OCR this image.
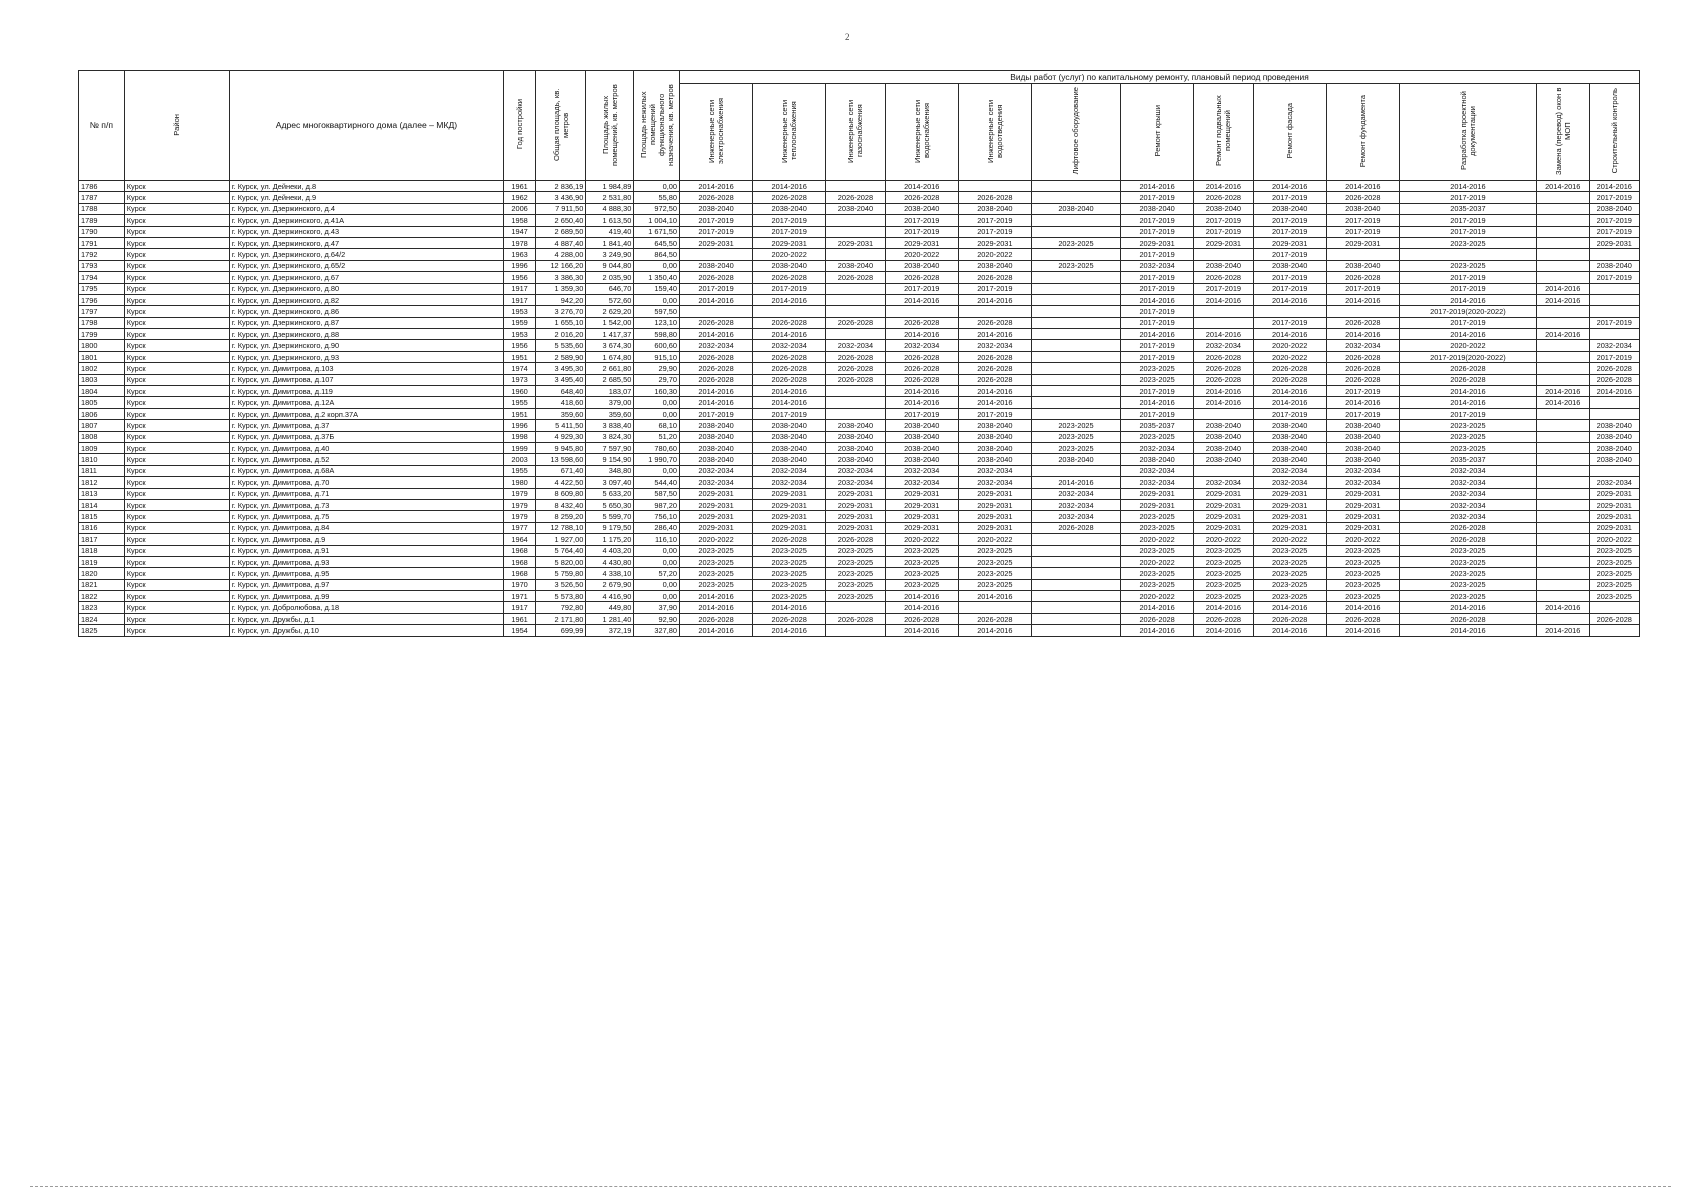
2
№ п/п	Район	Адрес многоквартирного дома (далее – МКД)	Год постройки	Общая площадь, кв. метров	Площадь жилых помещений, кв. метров	Площадь нежилых помещений функционального назначения, кв. метров	Виды работ (услуг) по капитальному ремонту, плановый период проведения												
							Инженерные сети электроснабжения	Инженерные сети теплоснабжения	Инженерные сети газоснабжения	Инженерные сети водоснабжения	Инженерные сети водоотведения	Лифтовое оборудование	Ремонт крыши	Ремонт подвальных помещений	Ремонт фасада	Ремонт фундамента	Разработка проектной документации	Замена (перевод) окон в МОП	Строительный контроль
1786	Курск	г. Курск, ул. Дейнеки, д.8	1961	2 836,19	1 984,89	0,00	2014-2016	2014-2016		2014-2016			2014-2016	2014-2016	2014-2016	2014-2016	2014-2016	2014-2016	2014-2016
1787	Курск	г. Курск, ул. Дейнеки, д.9	1962	3 436,90	2 531,80	55,80	2026-2028	2026-2028	2026-2028	2026-2028	2026-2028		2017-2019	2026-2028	2017-2019	2026-2028	2017-2019		2017-2019
1788	Курск	г. Курск, ул. Дзержинского, д.4	2006	7 911,50	4 888,30	972,50	2038-2040	2038-2040	2038-2040	2038-2040	2038-2040	2038-2040	2038-2040	2038-2040	2038-2040	2038-2040	2035-2037		2038-2040
1789	Курск	г. Курск, ул. Дзержинского, д.41А	1958	2 650,40	1 613,50	1 004,10	2017-2019	2017-2019		2017-2019	2017-2019		2017-2019	2017-2019	2017-2019	2017-2019	2017-2019		2017-2019
1790	Курск	г. Курск, ул. Дзержинского, д.43	1947	2 689,50	419,40	1 671,50	2017-2019	2017-2019		2017-2019	2017-2019		2017-2019	2017-2019	2017-2019	2017-2019	2017-2019		2017-2019
1791	Курск	г. Курск, ул. Дзержинского, д.47	1978	4 887,40	1 841,40	645,50	2029-2031	2029-2031	2029-2031	2029-2031	2029-2031	2023-2025	2029-2031	2029-2031	2029-2031	2029-2031	2023-2025		2029-2031
1792	Курск	г. Курск, ул. Дзержинского, д.64/2	1963	4 288,00	3 249,90	864,50		2020-2022		2020-2022	2020-2022		2017-2019		2017-2019				
1793	Курск	г. Курск, ул. Дзержинского, д.65/2	1996	12 166,20	9 044,80	0,00	2038-2040	2038-2040	2038-2040	2038-2040	2038-2040	2023-2025	2032-2034	2038-2040	2038-2040	2038-2040	2023-2025		2038-2040
1794	Курск	г. Курск, ул. Дзержинского, д.67	1956	3 386,30	2 035,90	1 350,40	2026-2028	2026-2028	2026-2028	2026-2028	2026-2028		2017-2019	2026-2028	2017-2019	2026-2028	2017-2019		2017-2019
1795	Курск	г. Курск, ул. Дзержинского, д.80	1917	1 359,30	646,70	159,40	2017-2019	2017-2019		2017-2019	2017-2019		2017-2019	2017-2019	2017-2019	2017-2019	2017-2019	2014-2016	
1796	Курск	г. Курск, ул. Дзержинского, д.82	1917	942,20	572,60	0,00	2014-2016	2014-2016		2014-2016	2014-2016		2014-2016	2014-2016	2014-2016	2014-2016	2014-2016	2014-2016	
1797	Курск	г. Курск, ул. Дзержинского, д.86	1953	3 276,70	2 629,20	597,50							2017-2019				2017-2019(2020-2022)		
1798	Курск	г. Курск, ул. Дзержинского, д.87	1959	1 655,10	1 542,00	123,10	2026-2028	2026-2028	2026-2028	2026-2028	2026-2028		2017-2019		2017-2019	2026-2028	2017-2019		2017-2019
1799	Курск	г. Курск, ул. Дзержинского, д.88	1953	2 016,20	1 417,37	598,80	2014-2016	2014-2016		2014-2016	2014-2016		2014-2016	2014-2016	2014-2016	2014-2016	2014-2016	2014-2016	
1800	Курск	г. Курск, ул. Дзержинского, д.90	1956	5 535,60	3 674,30	600,60	2032-2034	2032-2034	2032-2034	2032-2034	2032-2034		2017-2019	2032-2034	2020-2022	2032-2034	2020-2022		2032-2034
1801	Курск	г. Курск, ул. Дзержинского, д.93	1951	2 589,90	1 674,80	915,10	2026-2028	2026-2028	2026-2028	2026-2028	2026-2028		2017-2019	2026-2028	2020-2022	2026-2028	2017-2019(2020-2022)		2017-2019
1802	Курск	г. Курск, ул. Димитрова, д.103	1974	3 495,30	2 661,80	29,90	2026-2028	2026-2028	2026-2028	2026-2028	2026-2028		2023-2025	2026-2028	2026-2028	2026-2028	2026-2028		2026-2028
1803	Курск	г. Курск, ул. Димитрова, д.107	1973	3 495,40	2 685,50	29,70	2026-2028	2026-2028	2026-2028	2026-2028	2026-2028		2023-2025	2026-2028	2026-2028	2026-2028	2026-2028		2026-2028
1804	Курск	г. Курск, ул. Димитрова, д.119	1960	648,40	183,07	160,30	2014-2016	2014-2016		2014-2016	2014-2016		2017-2019	2014-2016	2014-2016	2017-2019	2014-2016	2014-2016	2014-2016
1805	Курск	г. Курск, ул. Димитрова, д.12А	1955	418,60	379,00	0,00	2014-2016	2014-2016		2014-2016	2014-2016		2014-2016	2014-2016	2014-2016	2014-2016	2014-2016	2014-2016	
1806	Курск	г. Курск, ул. Димитрова, д.2 корп.37А	1951	359,60	359,60	0,00	2017-2019	2017-2019		2017-2019	2017-2019		2017-2019		2017-2019	2017-2019	2017-2019		
1807	Курск	г. Курск, ул. Димитрова, д.37	1996	5 411,50	3 838,40	68,10	2038-2040	2038-2040	2038-2040	2038-2040	2038-2040	2023-2025	2035-2037	2038-2040	2038-2040	2038-2040	2023-2025		2038-2040
1808	Курск	г. Курск, ул. Димитрова, д.37Б	1998	4 929,30	3 824,30	51,20	2038-2040	2038-2040	2038-2040	2038-2040	2038-2040	2023-2025	2023-2025	2038-2040	2038-2040	2038-2040	2023-2025		2038-2040
1809	Курск	г. Курск, ул. Димитрова, д.40	1999	9 945,80	7 597,90	780,60	2038-2040	2038-2040	2038-2040	2038-2040	2038-2040	2023-2025	2032-2034	2038-2040	2038-2040	2038-2040	2023-2025		2038-2040
1810	Курск	г. Курск, ул. Димитрова, д.52	2003	13 598,60	9 154,90	1 990,70	2038-2040	2038-2040	2038-2040	2038-2040	2038-2040	2038-2040	2038-2040	2038-2040	2038-2040	2038-2040	2035-2037		2038-2040
1811	Курск	г. Курск, ул. Димитрова, д.68А	1955	671,40	348,80	0,00	2032-2034	2032-2034	2032-2034	2032-2034	2032-2034		2032-2034		2032-2034	2032-2034	2032-2034		
1812	Курск	г. Курск, ул. Димитрова, д.70	1980	4 422,50	3 097,40	544,40	2032-2034	2032-2034	2032-2034	2032-2034	2032-2034	2014-2016	2032-2034	2032-2034	2032-2034	2032-2034	2032-2034		2032-2034
1813	Курск	г. Курск, ул. Димитрова, д.71	1979	8 609,80	5 633,20	587,50	2029-2031	2029-2031	2029-2031	2029-2031	2029-2031	2032-2034	2029-2031	2029-2031	2029-2031	2029-2031	2032-2034		2029-2031
1814	Курск	г. Курск, ул. Димитрова, д.73	1979	8 432,40	5 650,30	987,20	2029-2031	2029-2031	2029-2031	2029-2031	2029-2031	2032-2034	2029-2031	2029-2031	2029-2031	2029-2031	2032-2034		2029-2031
1815	Курск	г. Курск, ул. Димитрова, д.75	1979	8 259,20	5 599,70	756,10	2029-2031	2029-2031	2029-2031	2029-2031	2029-2031	2032-2034	2023-2025	2029-2031	2029-2031	2029-2031	2032-2034		2029-2031
1816	Курск	г. Курск, ул. Димитрова, д.84	1977	12 788,10	9 179,50	286,40	2029-2031	2029-2031	2029-2031	2029-2031	2029-2031	2026-2028	2023-2025	2029-2031	2029-2031	2029-2031	2026-2028		2029-2031
1817	Курск	г. Курск, ул. Димитрова, д.9	1964	1 927,00	1 175,20	116,10	2020-2022	2026-2028	2026-2028	2020-2022	2020-2022		2020-2022	2020-2022	2020-2022	2020-2022	2026-2028		2020-2022
1818	Курск	г. Курск, ул. Димитрова, д.91	1968	5 764,40	4 403,20	0,00	2023-2025	2023-2025	2023-2025	2023-2025	2023-2025		2023-2025	2023-2025	2023-2025	2023-2025	2023-2025		2023-2025
1819	Курск	г. Курск, ул. Димитрова, д.93	1968	5 820,00	4 430,80	0,00	2023-2025	2023-2025	2023-2025	2023-2025	2023-2025		2020-2022	2023-2025	2023-2025	2023-2025	2023-2025		2023-2025
1820	Курск	г. Курск, ул. Димитрова, д.95	1968	5 759,80	4 338,10	57,20	2023-2025	2023-2025	2023-2025	2023-2025	2023-2025		2023-2025	2023-2025	2023-2025	2023-2025	2023-2025		2023-2025
1821	Курск	г. Курск, ул. Димитрова, д.97	1970	3 526,50	2 679,90	0,00	2023-2025	2023-2025	2023-2025	2023-2025	2023-2025		2023-2025	2023-2025	2023-2025	2023-2025	2023-2025		2023-2025
1822	Курск	г. Курск, ул. Димитрова, д.99	1971	5 573,80	4 416,90	0,00	2014-2016	2023-2025	2023-2025	2014-2016	2014-2016		2020-2022	2023-2025	2023-2025	2023-2025	2023-2025		2023-2025
1823	Курск	г. Курск, ул. Добролюбова, д.18	1917	792,80	449,80	37,90	2014-2016	2014-2016		2014-2016			2014-2016	2014-2016	2014-2016	2014-2016	2014-2016	2014-2016	
1824	Курск	г. Курск, ул. Дружбы, д.1	1961	2 171,80	1 281,40	92,90	2026-2028	2026-2028	2026-2028	2026-2028	2026-2028		2026-2028	2026-2028	2026-2028	2026-2028	2026-2028		2026-2028
1825	Курск	г. Курск, ул. Дружбы, д.10	1954	699,99	372,19	327,80	2014-2016	2014-2016		2014-2016	2014-2016		2014-2016	2014-2016	2014-2016	2014-2016	2014-2016	2014-2016	
